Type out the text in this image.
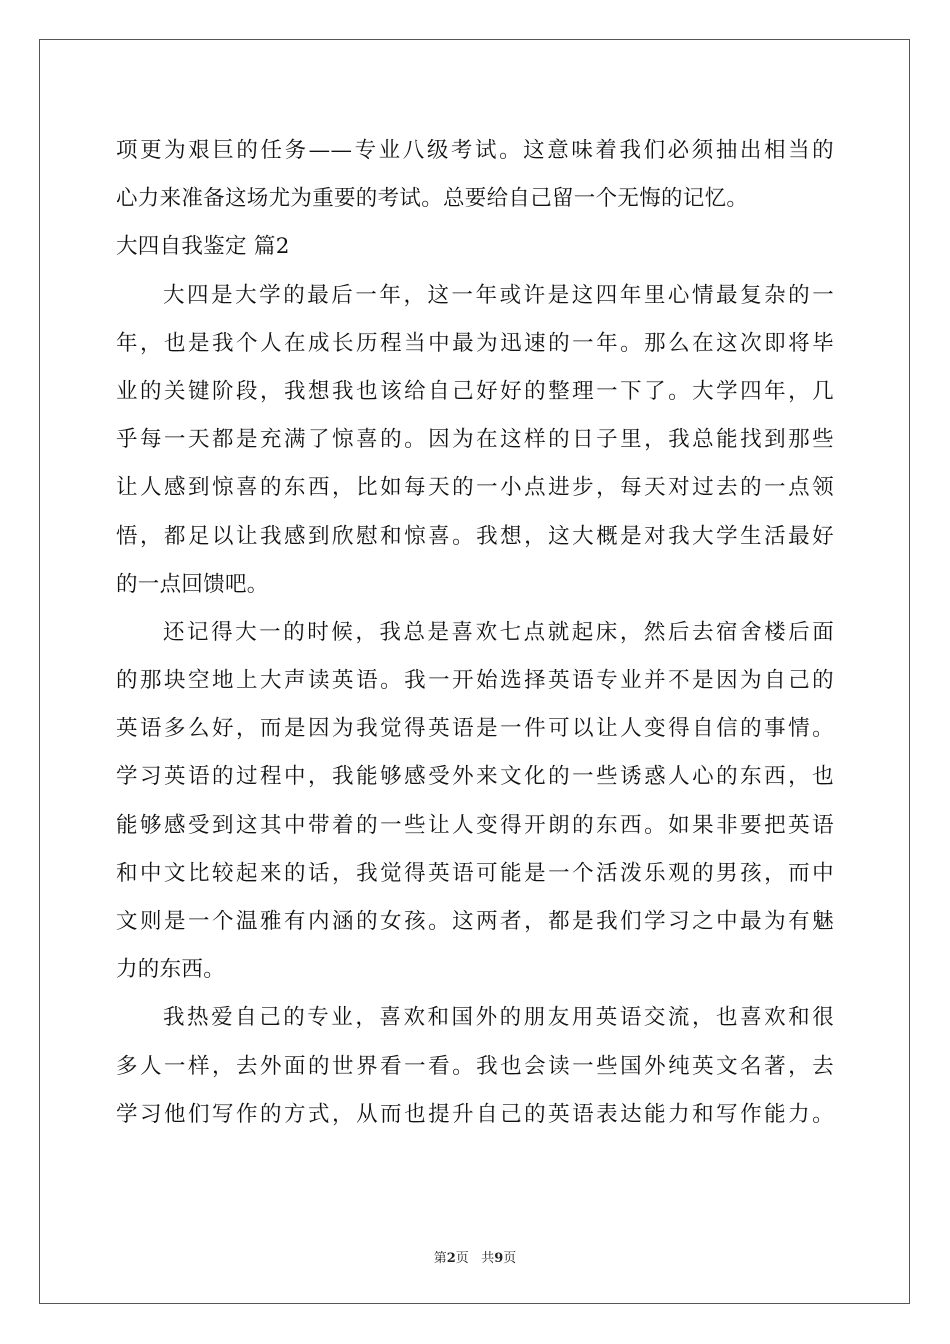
项更为艰巨的任务——专业八级考试。这意味着我们必须抽出相当的
心力来准备这场尤为重要的考试。总要给自己留一个无悔的记忆。
大四自我鉴定 篇2
大四是大学的最后一年，这一年或许是这四年里心情最复杂的一
年，也是我个人在成长历程当中最为迅速的一年。那么在这次即将毕
业的关键阶段，我想我也该给自己好好的整理一下了。大学四年，几
乎每一天都是充满了惊喜的。因为在这样的日子里，我总能找到那些
让人感到惊喜的东西，比如每天的一小点进步，每天对过去的一点领
悟，都足以让我感到欣慰和惊喜。我想，这大概是对我大学生活最好
的一点回馈吧。
还记得大一的时候，我总是喜欢七点就起床，然后去宿舍楼后面
的那块空地上大声读英语。我一开始选择英语专业并不是因为自己的
英语多么好，而是因为我觉得英语是一件可以让人变得自信的事情。
学习英语的过程中，我能够感受外来文化的一些诱惑人心的东西，也
能够感受到这其中带着的一些让人变得开朗的东西。如果非要把英语
和中文比较起来的话，我觉得英语可能是一个活泼乐观的男孩，而中
文则是一个温雅有内涵的女孩。这两者，都是我们学习之中最为有魅
力的东西。
我热爱自己的专业，喜欢和国外的朋友用英语交流，也喜欢和很
多人一样，去外面的世界看一看。我也会读一些国外纯英文名著，去
学习他们写作的方式，从而也提升自己的英语表达能力和写作能力。
第2页 共9页
